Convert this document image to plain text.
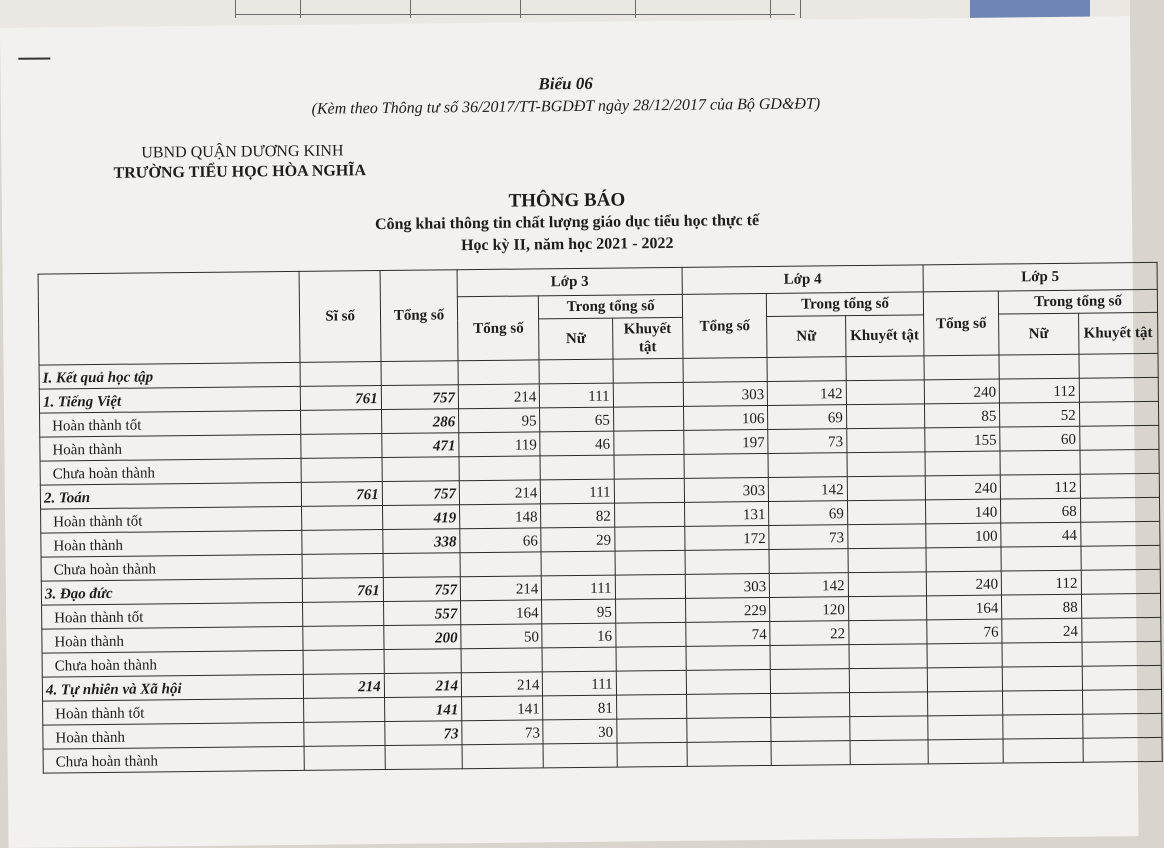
Biểu 06
(Kèm theo Thông tư số 36/2017/TT-BGDĐT ngày 28/12/2017 của Bộ GD&ĐT)
UBND QUẬN DƯƠNG KINH
TRƯỜNG TIỂU HỌC HÒA NGHĨA
THÔNG BÁO
Công khai thông tin chất lượng giáo dục tiểu học thực tế
Học kỳ II, năm học 2021 - 2022
	Sĩ số	Tổng số	Lớp 3			Lớp 4			Lớp 5		
			Tổng số	Trong tổng số		Tổng số	Trong tổng số		Tổng số	Trong tổng số	
				Nữ	Khuyết tật		Nữ	Khuyết tật		Nữ	Khuyết tật
I. Kết quả học tập											
1. Tiếng Việt	761	757	214	111		303	142		240	112	
Hoàn thành tốt		286	95	65		106	69		85	52	
Hoàn thành		471	119	46		197	73		155	60	
Chưa hoàn thành											
2. Toán	761	757	214	111		303	142		240	112	
Hoàn thành tốt		419	148	82		131	69		140	68	
Hoàn thành		338	66	29		172	73		100	44	
Chưa hoàn thành											
3. Đạo đức	761	757	214	111		303	142		240	112	
Hoàn thành tốt		557	164	95		229	120		164	88	
Hoàn thành		200	50	16		74	22		76	24	
Chưa hoàn thành											
4. Tự nhiên và Xã hội	214	214	214	111							
Hoàn thành tốt		141	141	81							
Hoàn thành		73	73	30							
Chưa hoàn thành											
